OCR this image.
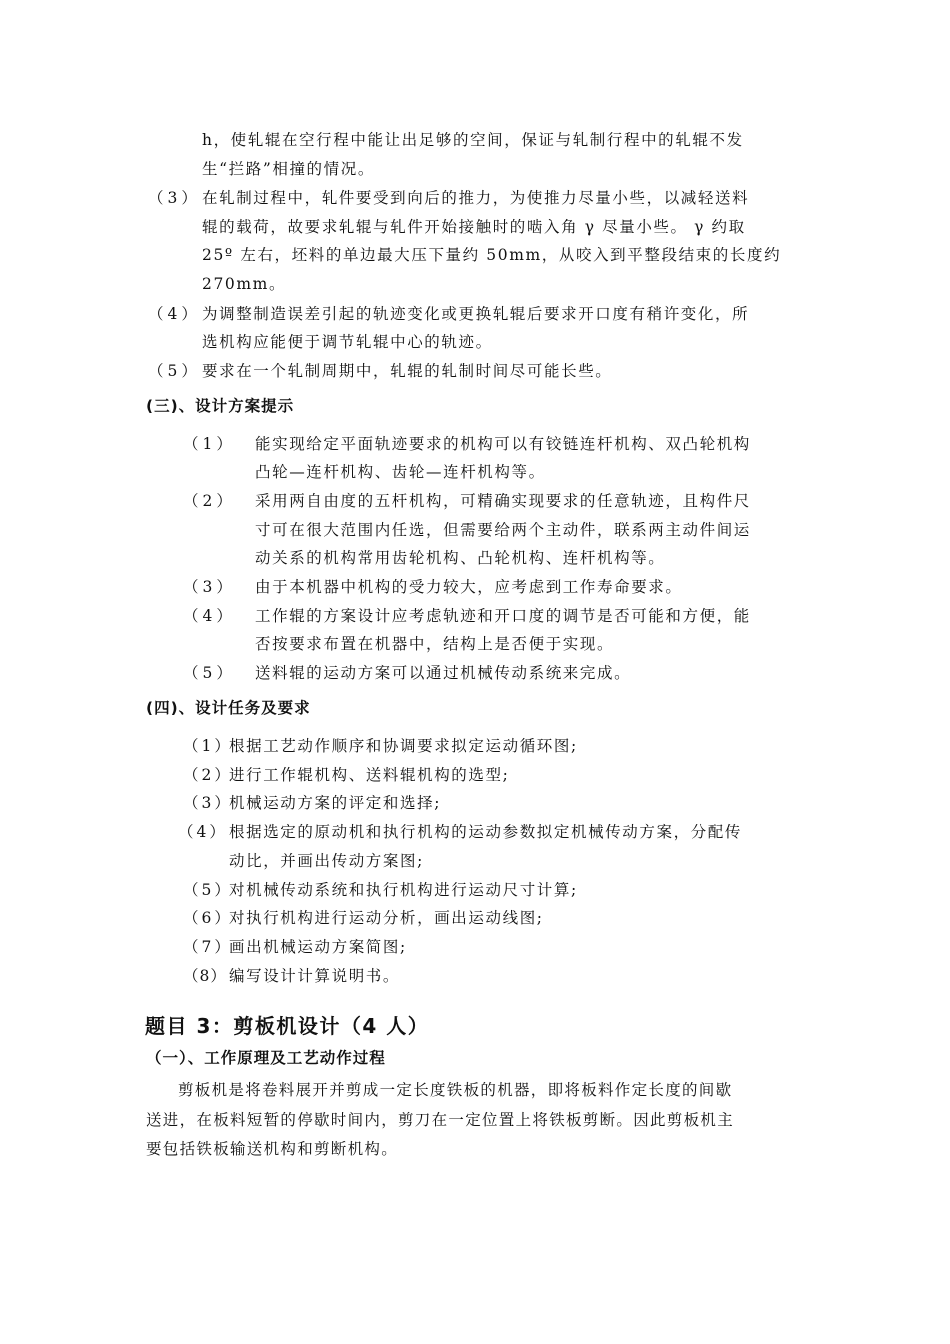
h，使轧辊在空行程中能让出足够的空间，保证与轧制行程中的轧辊不发
生“拦路”相撞的情况。
（3） 在轧制过程中，轧件要受到向后的推力，为使推力尽量小些，以减轻送料
辊的载荷，故要求轧辊与轧件开始接触时的啮入角 γ 尽量小些。 γ 约取
25º 左右，坯料的单边最大压下量约 50mm，从咬入到平整段结束的长度约
270mm。
（4） 为调整制造误差引起的轨迹变化或更换轧辊后要求开口度有稍许变化，所
选机构应能便于调节轧辊中心的轨迹。
（5） 要求在一个轧制周期中，轧辊的轧制时间尽可能长些。
(三)、设计方案提示
（1） 能实现给定平面轨迹要求的机构可以有铰链连杆机构、双凸轮机构
凸轮—连杆机构、齿轮—连杆机构等。
（2） 采用两自由度的五杆机构，可精确实现要求的任意轨迹，且构件尺
寸可在很大范围内任选，但需要给两个主动件，联系两主动件间运
动关系的机构常用齿轮机构、凸轮机构、连杆机构等。
（3） 由于本机器中机构的受力较大，应考虑到工作寿命要求。
（4） 工作辊的方案设计应考虑轨迹和开口度的调节是否可能和方便，能
否按要求布置在机器中，结构上是否便于实现。
（5） 送料辊的运动方案可以通过机械传动系统来完成。
(四)、设计任务及要求
（1）
根据工艺动作顺序和协调要求拟定运动循环图;
（2）
进行工作辊机构、送料辊机构的选型;
（3）
机械运动方案的评定和选择;
（4） 根据选定的原动机和执行机构的运动参数拟定机械传动方案，分配传
动比，并画出传动方案图;
（5）
对机械传动系统和执行机构进行运动尺寸计算;
（6）
对执行机构进行运动分析，画出运动线图;
（7）
画出机械运动方案简图;
（8） 编写设计计算说明书。
题目 3：剪板机设计（4 人）
（一）、工作原理及工艺动作过程
剪板机是将卷料展开并剪成一定长度铁板的机器，即将板料作定长度的间歇
送进，在板料短暂的停歇时间内，剪刀在一定位置上将铁板剪断。因此剪板机主
要包括铁板输送机构和剪断机构。
